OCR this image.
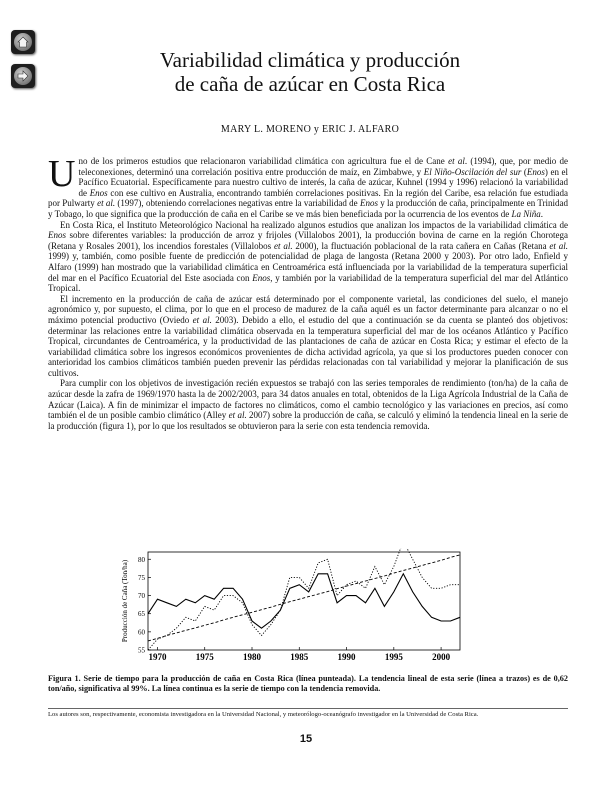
Variabilidad climática y producción
de caña de azúcar en Costa Rica
MARY L. MORENO y ERIC J. ALFARO

Uno de los primeros estudios que relacionaron variabilidad climática con agricultura fue el de Cane et al. (1994), que, por medio de teleconexiones, determinó una correlación positiva entre producción de maíz, en Zimbabwe, y El Niño-Oscilación del sur (Enos) en el Pacífico Ecuatorial. Específicamente para nuestro cultivo de interés, la caña de azúcar, Kuhnel (1994 y 1996) relacionó la variabilidad de Enos con ese cultivo en Australia, encontrando también correlaciones positivas. En la región del Caribe, esa relación fue estudiada por Pulwarty et al. (1997), obteniendo correlaciones negativas entre la variabilidad de Enos y la producción de caña, principalmente en Trinidad y Tobago, lo que significa que la producción de caña en el Caribe se ve más bien beneficiada por la ocurrencia de los eventos de La Niña.

En Costa Rica, el Instituto Meteorológico Nacional ha realizado algunos estudios que analizan los impactos de la variabilidad climática de Enos sobre diferentes variables: la producción de arroz y frijoles (Villalobos 2001), la producción bovina de carne en la región Chorotega (Retana y Rosales 2001), los incendios forestales (Villalobos et al. 2000), la fluctuación poblacional de la rata cañera en Cañas (Retana et al. 1999) y, también, como posible fuente de predicción de potencialidad de plaga de langosta (Retana 2000 y 2003). Por otro lado, Enfield y Alfaro (1999) han mostrado que la variabilidad climática en Centroamérica está influenciada por la variabilidad de la temperatura superficial del mar en el Pacífico Ecuatorial del Este asociada con Enos, y también por la variabilidad de la temperatura superficial del mar del Atlántico Tropical.

El incremento en la producción de caña de azúcar está determinado por el componente varietal, las condiciones del suelo, el manejo agronómico y, por supuesto, el clima, por lo que en el proceso de madurez de la caña aquél es un factor determinante para alcanzar o no el máximo potencial productivo (Oviedo et al. 2003). Debido a ello, el estudio del que a continuación se da cuenta se planteó dos objetivos: determinar las relaciones entre la variabilidad climática observada en la temperatura superficial del mar de los océanos Atlántico y Pacífico Tropical, circundantes de Centroamérica, y la productividad de las plantaciones de caña de azúcar en Costa Rica; y estimar el efecto de la variabilidad climática sobre los ingresos económicos provenientes de dicha actividad agrícola, ya que si los productores pueden conocer con anterioridad los cambios climáticos también pueden prevenir las pérdidas relacionadas con tal variabilidad y mejorar la planificación de sus cultivos.

Para cumplir con los objetivos de investigación recién expuestos se trabajó con las series temporales de rendimiento (ton/ha) de la caña de azúcar desde la zafra de 1969/1970 hasta la de 2002/2003, para 34 datos anuales en total, obtenidos de la Liga Agrícola Industrial de la Caña de Azúcar (Laica). A fin de minimizar el impacto de factores no climáticos, como el cambio tecnológico y las variaciones en precios, así como también el de un posible cambio climático (Alley et al. 2007) sobre la producción de caña, se calculó y eliminó la tendencia lineal en la serie de la producción (figura 1), por lo que los resultados se obtuvieron para la serie con esta tendencia removida.

1970	1975	1980	1985	1990	1995	2000
55
60
65
70
75
80
Producción de Caña (Ton/ha)
Figura 1. Serie de tiempo para la producción de caña en Costa Rica (línea punteada). La tendencia lineal de esta serie (línea a trazos) es de 0,62 ton/año, significativa al 99%. La línea continua es la serie de tiempo con la tendencia removida.
Los autores son, respectivamente, economista investigadora en la Universidad Nacional, y meteorólogo-oceanógrafo investigador en la Universidad de Costa Rica.
15
